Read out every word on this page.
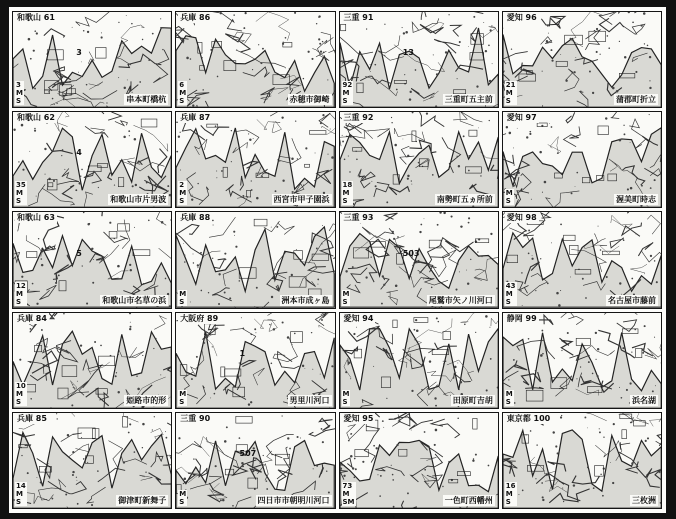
和歌山 61
3
M
S	串本町橋杭
3
兵庫 86
6
M
S	赤穂市御崎
三重 91
92
M
S	三重町五主前
13
愛知 96
21
M
S	蒲郡町折立
和歌山 62
35
M
S	和歌山市片男波
4
兵庫 87
2
M
S	西宮市甲子園浜
三重 92
18
M
S	南勢町五ヵ所前
愛知 97
M
S	渥美町時志
和歌山 63
12
M
S	和歌山市名草の浜
5
兵庫 88
M
S	洲本市成ヶ島
三重 93
M
S	尾鷲市矢ノ川河口
503
愛知 98
43
M
S	名古屋市藤前
兵庫 84
10
M
S	姫路市的形
大阪府 89
M
S	男里川河口
1
愛知 94
M
S	田原町吉胡
静岡 99
M
S	浜名湖
兵庫 85
14
M
S	御津町新舞子
三重 90
M
S	四日市市朝明川河口
507
愛知 95
73
M
SM	一色町西幡州
東京都 100
16
M
S	三枚洲
